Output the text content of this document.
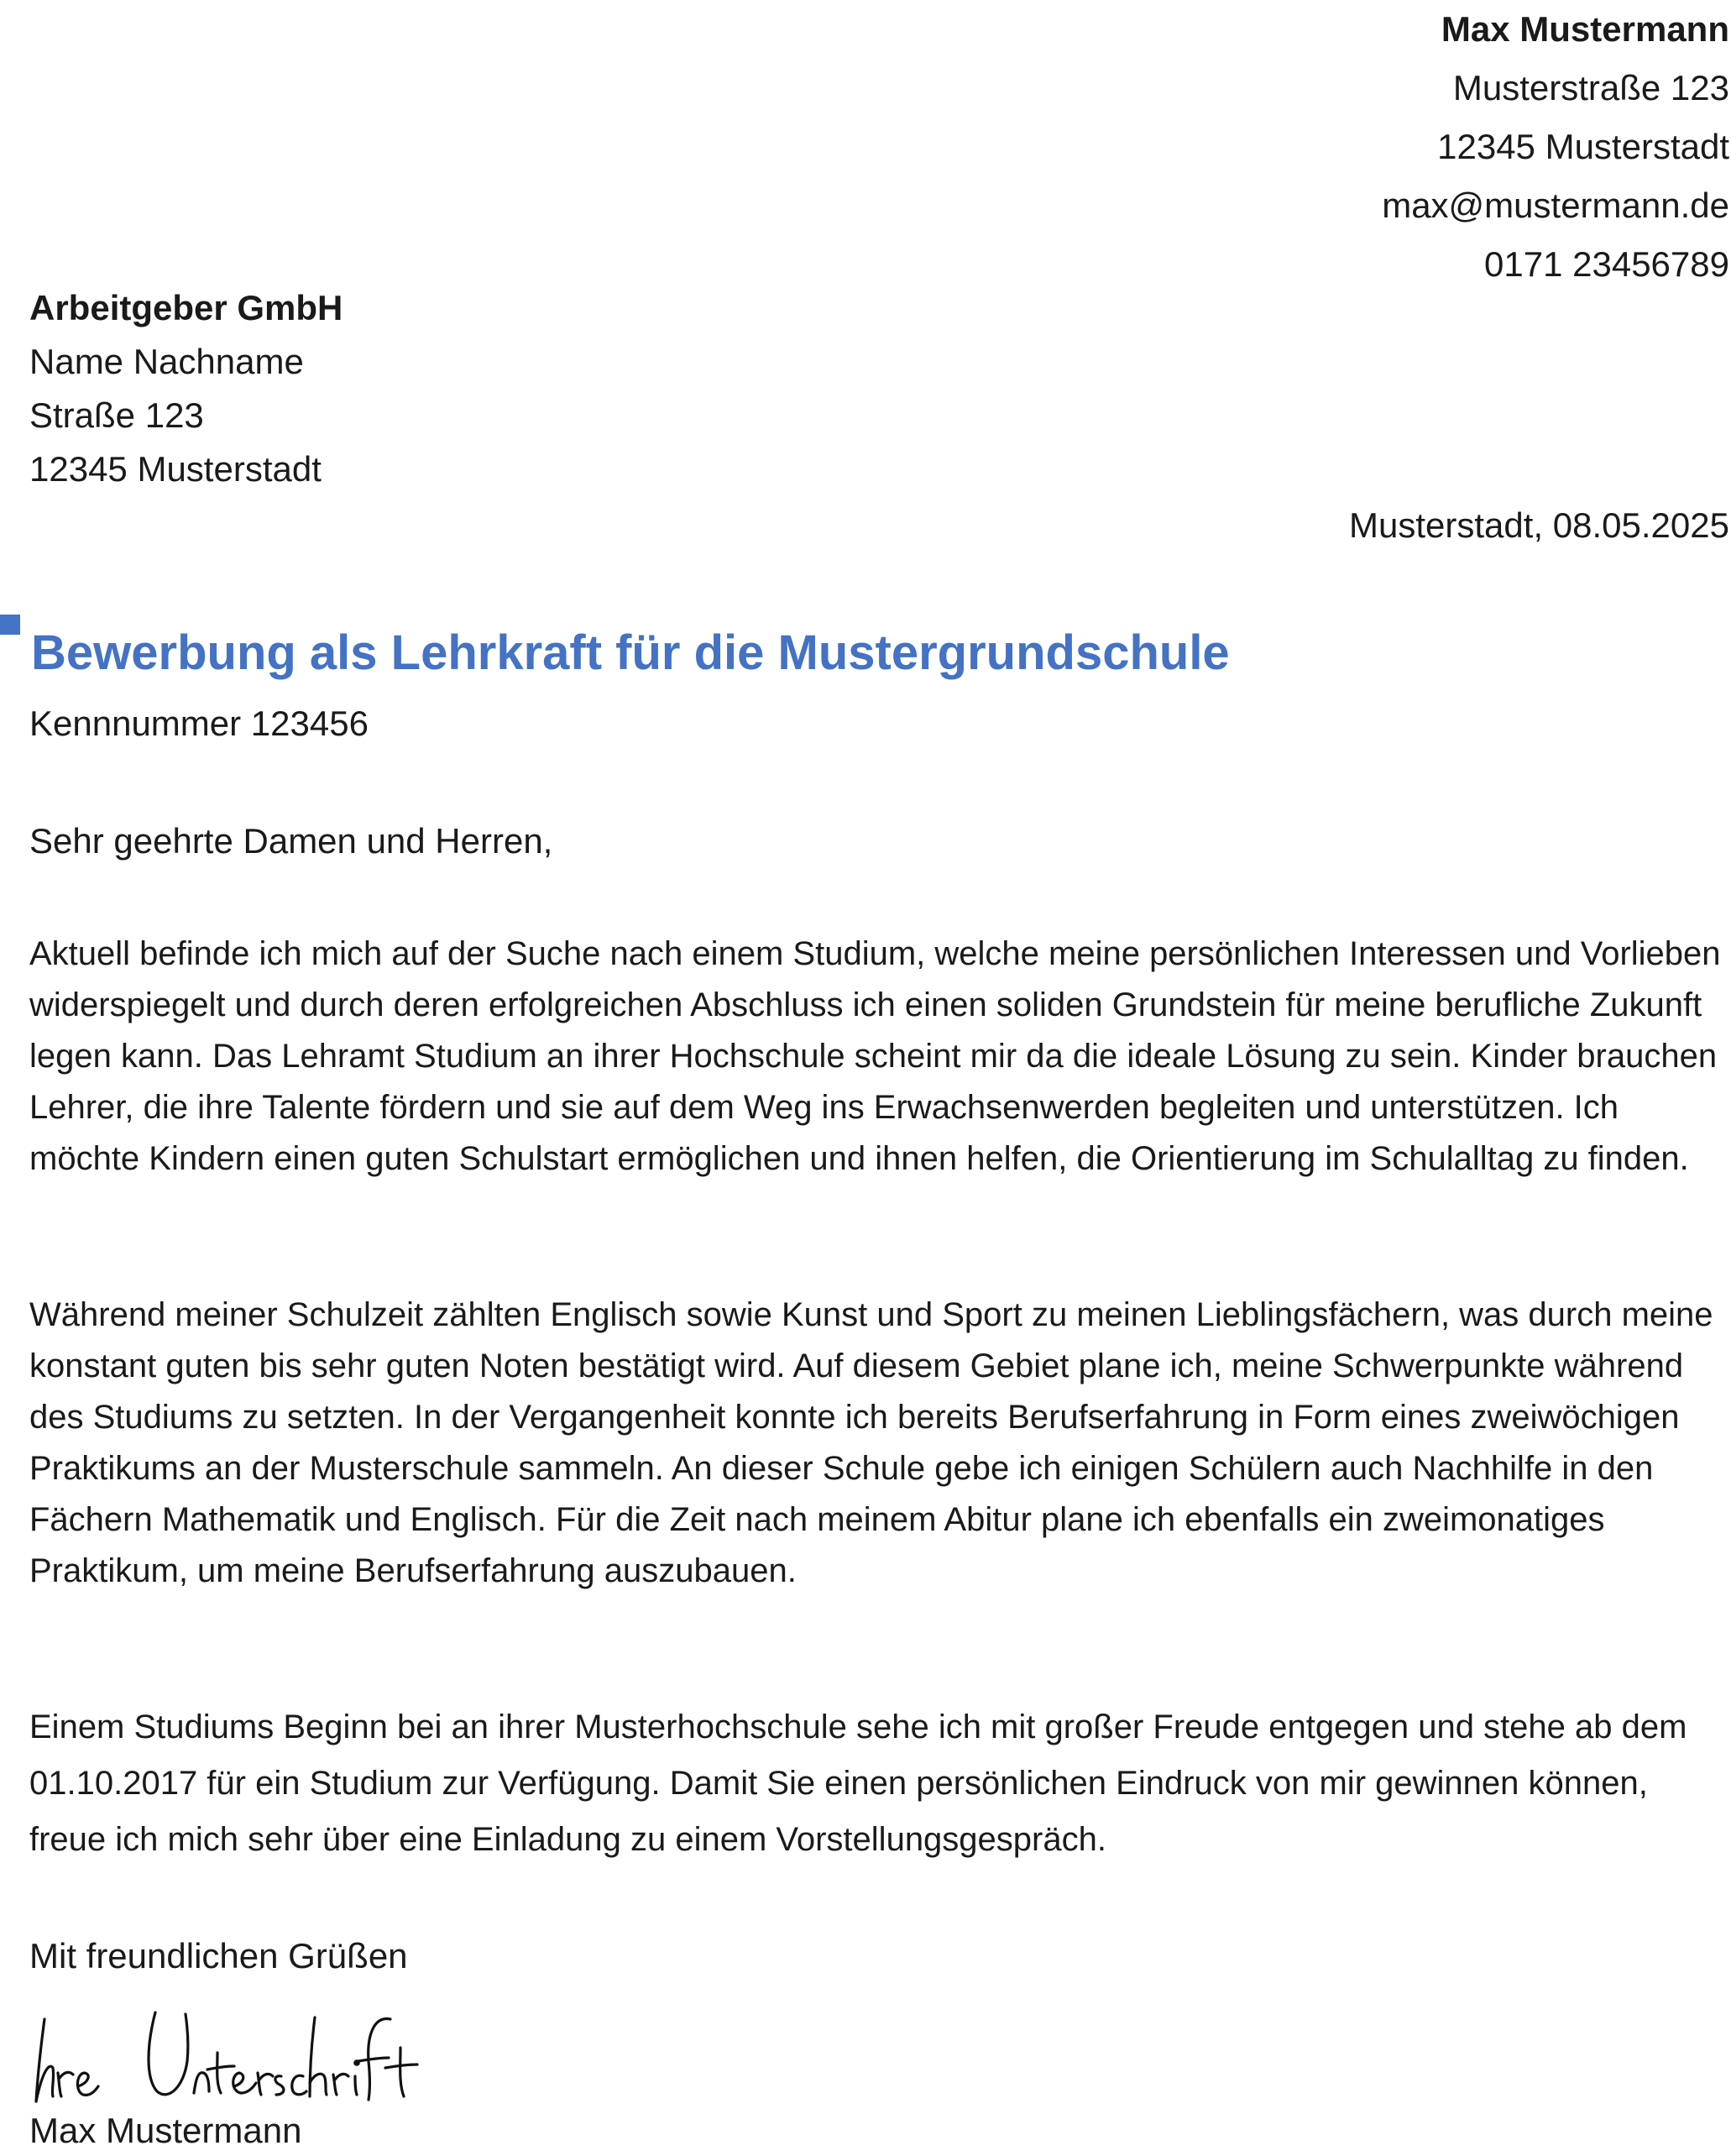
Max Mustermann
Musterstraße 123
12345 Musterstadt
max@mustermann.de
0171 23456789
Arbeitgeber GmbH
Name Nachname
Straße 123
12345 Musterstadt
Musterstadt, 08.05.2025
Bewerbung als Lehrkraft für die Mustergrundschule
Kennnummer 123456
Sehr geehrte Damen und Herren,

Aktuell befinde ich mich auf der Suche nach einem Studium, welche meine persönlichen Interessen und Vorlieben widerspiegelt und durch deren erfolgreichen Abschluss ich einen soliden Grundstein für meine berufliche Zukunft legen kann. Das Lehramt Studium an ihrer Hochschule scheint mir da die ideale Lösung zu sein. Kinder brauchen Lehrer, die ihre Talente fördern und sie auf dem Weg ins Erwachsenwerden begleiten und unterstützen. Ich möchte Kindern einen guten Schulstart ermöglichen und ihnen helfen, die Orientierung im Schulalltag zu finden.

Während meiner Schulzeit zählten Englisch sowie Kunst und Sport zu meinen Lieblingsfächern, was durch meine konstant guten bis sehr guten Noten bestätigt wird. Auf diesem Gebiet plane ich, meine Schwerpunkte während des Studiums zu setzten. In der Vergangenheit konnte ich bereits Berufserfahrung in Form eines zweiwöchigen Praktikums an der Musterschule sammeln. An dieser Schule gebe ich einigen Schülern auch Nachhilfe in den Fächern Mathematik und Englisch. Für die Zeit nach meinem Abitur plane ich ebenfalls ein zweimonatiges Praktikum, um meine Berufserfahrung auszubauen.

Einem Studiums Beginn bei an ihrer Musterhochschule sehe ich mit großer Freude entgegen und stehe ab dem 01.10.2017 für ein Studium zur Verfügung. Damit Sie einen persönlichen Eindruck von mir gewinnen können, freue ich mich sehr über eine Einladung zu einem Vorstellungsgespräch.

Mit freundlichen Grüßen
Max Mustermann
